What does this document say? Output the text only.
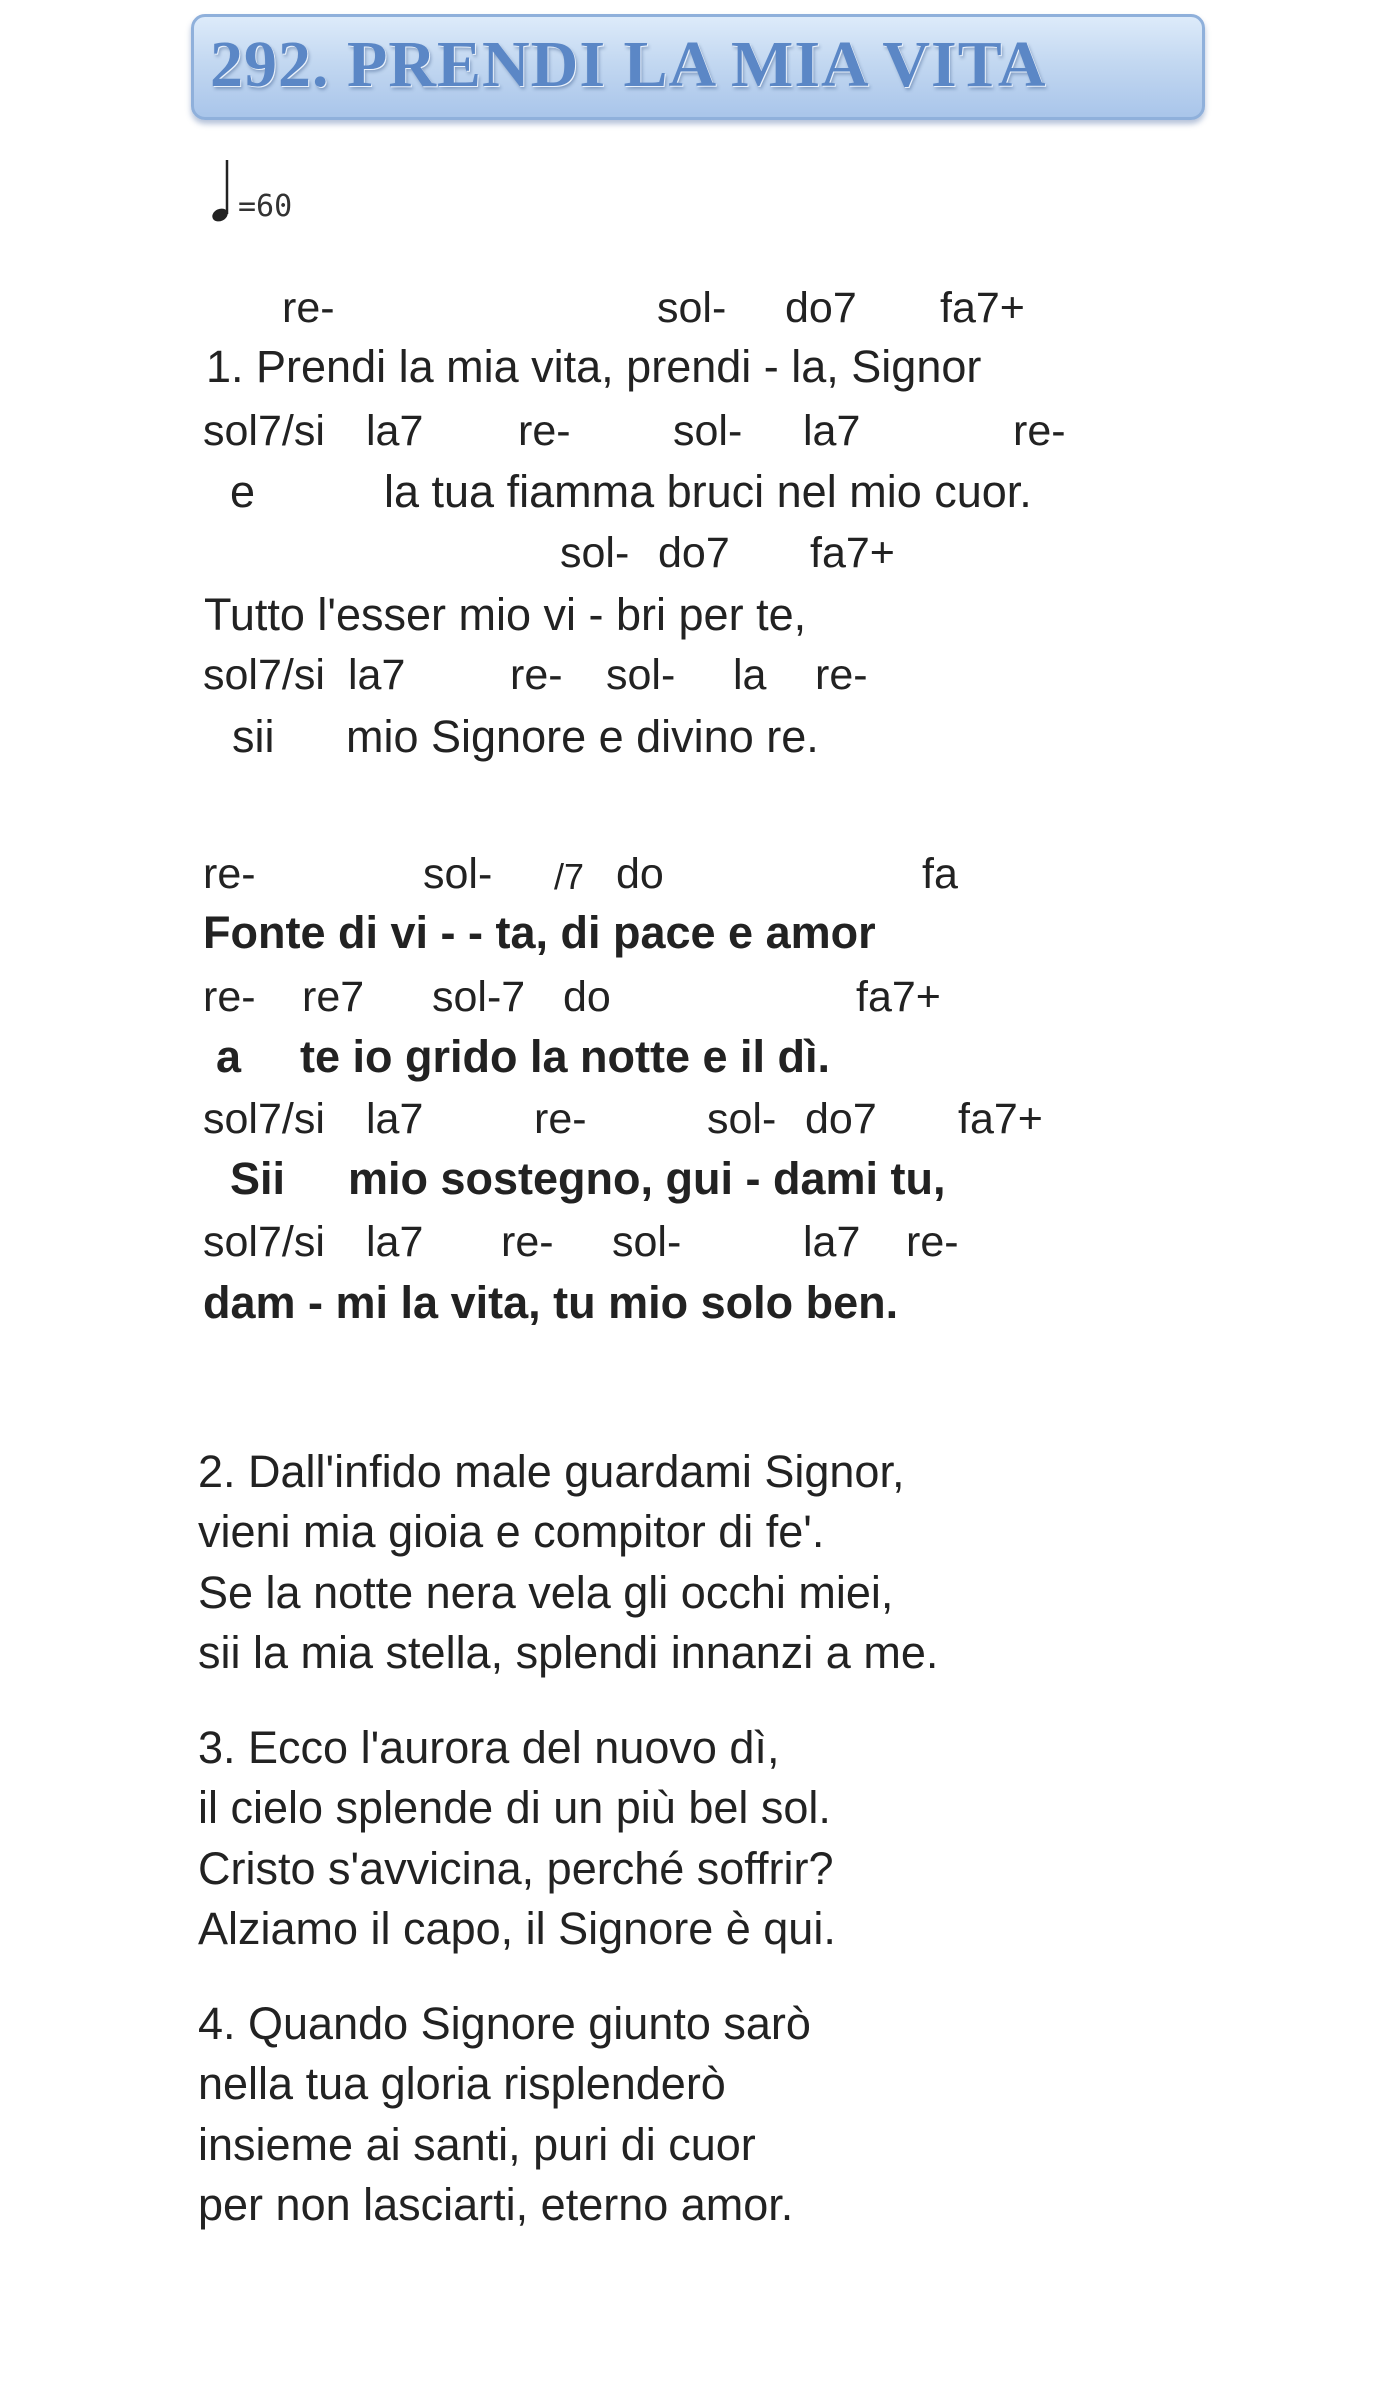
292. PRENDI LA MIA VITA
=60
re-	sol- do7 fa7+
1. Prendi la mia vita, prendi - la, Signor
sol7/si la7 re- sol- la7	re-
e	la tua fiamma bruci nel mio cuor.
sol- do7 fa7+
Tutto l'esser mio vi - bri per te,
sol7/si la7 re- sol- la re-
sii mio Signore e divino re.
re-	sol- /7 do	fa
Fonte di vi - - ta, di pace e amor
re- re7 sol-7 do	fa7+
a te io grido la notte e il dì.
sol7/si la7	re-	sol- do7 fa7+
Sii mio sostegno, gui - dami tu,
sol7/si la7 re- sol-	la7 re-
dam - mi la vita, tu mio solo ben.
2. Dall'infido male guardami Signor,
vieni mia gioia e compitor di fe'.
Se la notte nera vela gli occhi miei,
sii la mia stella, splendi innanzi a me.
3. Ecco l'aurora del nuovo dì,
il cielo splende di un più bel sol.
Cristo s'avvicina, perché soffrir?
Alziamo il capo, il Signore è qui.
4. Quando Signore giunto sarò
nella tua gloria risplenderò
insieme ai santi, puri di cuor
per non lasciarti, eterno amor.
